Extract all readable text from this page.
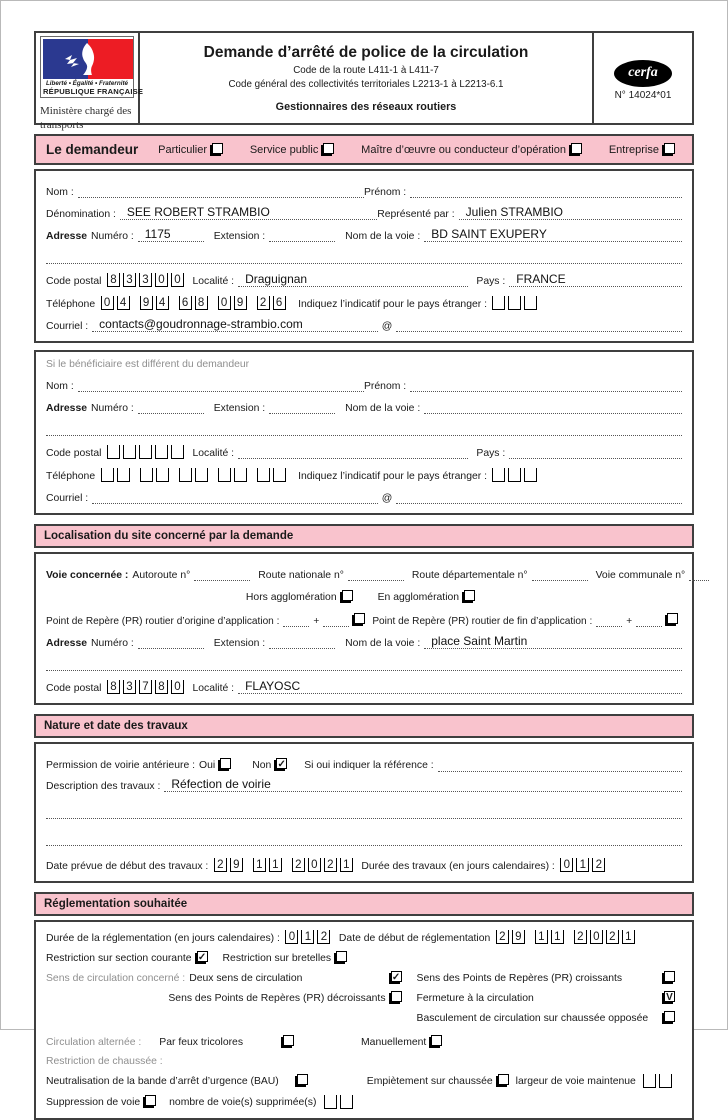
Liberté • Égalité • Fraternité
RÉPUBLIQUE FRANÇAISE
Ministère chargé des transports
Demande d’arrêté de police de la circulation
Code de la route L411-1 à L411-7
Code général des collectivités territoriales L2213-1 à L2213-6.1
Gestionnaires des réseaux routiers
cerfa
N° 14024*01
Le demandeur Particulier	Service public	Maître d’œuvre ou conducteur d’opération	Entreprise
Nom :	Prénom :
Dénomination : SEE ROBERT STRAMBIO	Représenté par : Julien STRAMBIO
Adresse Numéro : 1175	Extension :	Nom de la voie : BD SAINT EXUPERY
Code postal 8 3 3 0 0	Localité : Draguignan	Pays : FRANCE
Téléphone 0 4	9 4	6 8	0 9	2 6	Indiquez l’indicatif pour le pays étranger :
Courriel : contacts@goudronnage-strambio.com	@
Si le bénéficiaire est différent du demandeur
Nom :	Prénom :
Adresse Numéro :	Extension :	Nom de la voie :
Code postal	Localité :	Pays :
Téléphone	Indiquez l’indicatif pour le pays étranger :
Courriel :	@
Localisation du site concerné par la demande
Voie concernée : Autoroute n°	Route nationale n°	Route départementale n°	Voie communale n°
Hors agglomération	En agglomération
Point de Repère (PR) routier d’origine d’application :	+	Point de Repère (PR) routier de fin d’application :	+
Adresse Numéro :	Extension :	Nom de la voie : place Saint Martin
Code postal 8 3 7 8 0	Localité : FLAYOSC
Nature et date des travaux
Permission de voirie antérieure : Oui	Non ✓ Si oui indiquer la référence :
Description des travaux : Réfection de voirie
Date prévue de début des travaux : 2 9	1 1	2 0 2 1	Durée des travaux (en jours calendaires) : 0 1 2
Réglementation souhaitée
Durée de la réglementation (en jours calendaires) : 0 1 2	Date de début de réglementation 2 9	1 1	2 0 2 1
Restriction sur section courante ✓ Restriction sur bretelles
Sens de circulation concerné : Deux sens de circulation	✓ Sens des Points de Repères (PR) croissants
Sens des Points de Repères (PR) décroissants	Fermeture à la circulation	V
Basculement de circulation sur chaussée opposée
Circulation alternée :	Par feux tricolores	Manuellement
Restriction de chaussée :
Neutralisation de la bande d’arrêt d’urgence (BAU)	Empiètement sur chaussée largeur de voie maintenue
Suppression de voie	nombre de voie(s) supprimée(s)
